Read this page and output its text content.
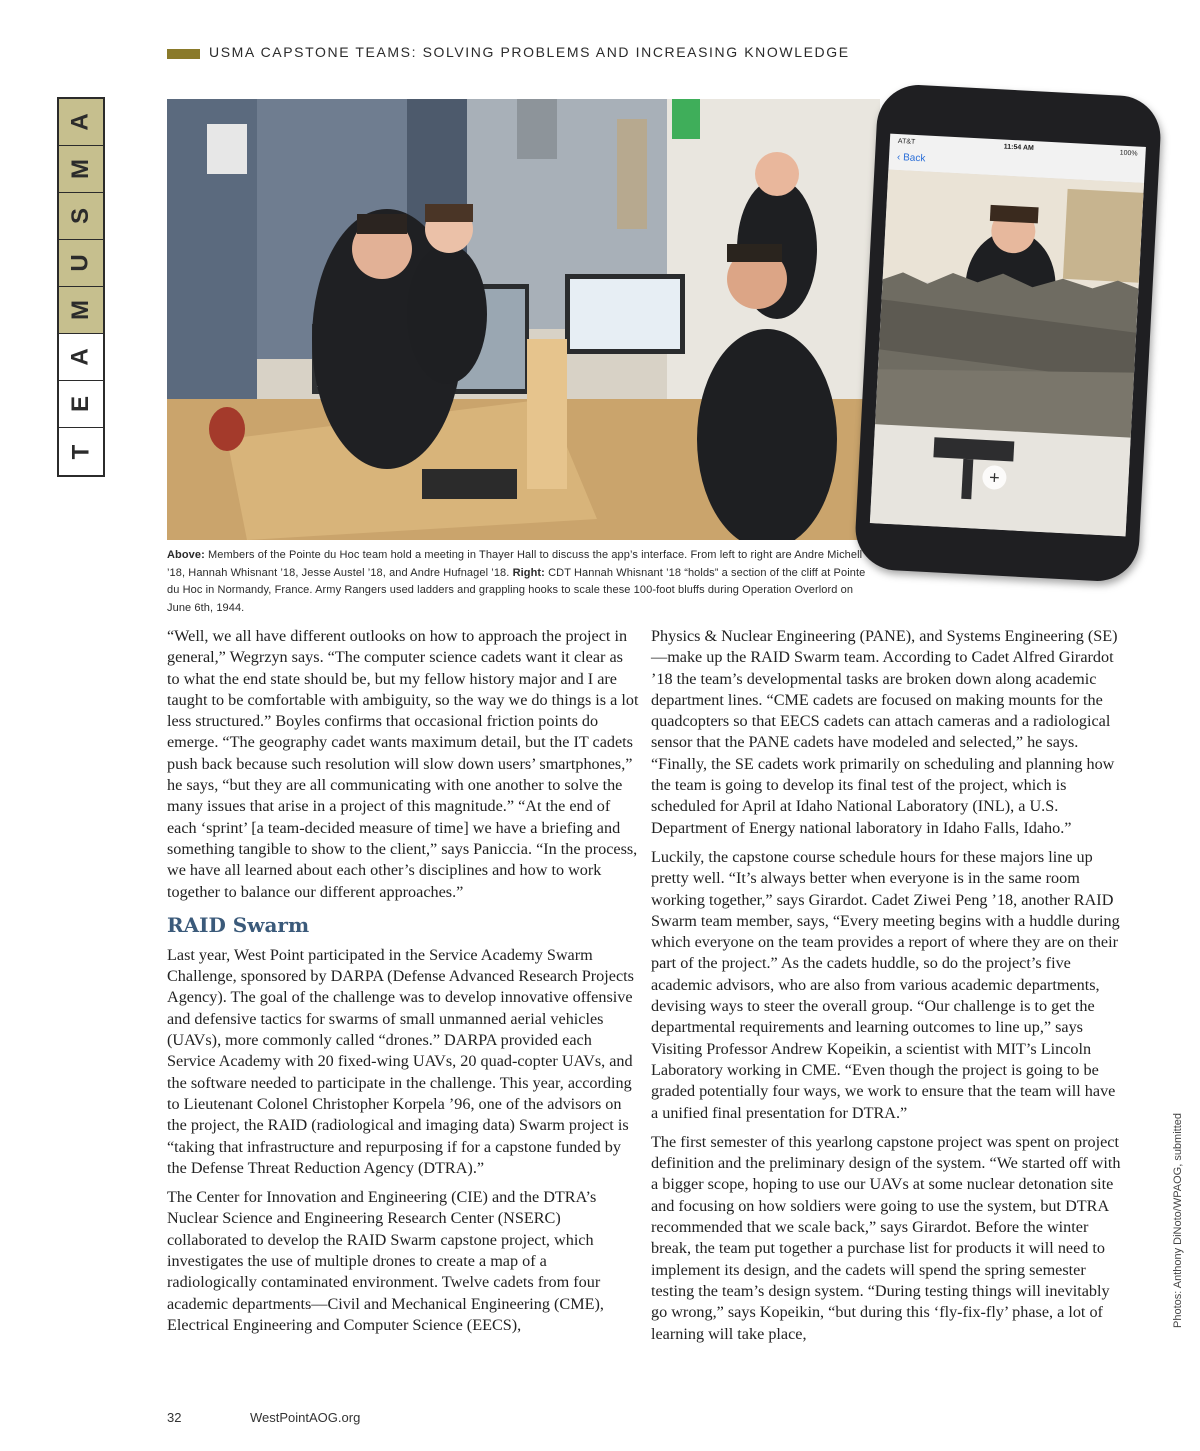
USMA CAPSTONE TEAMS: SOLVING PROBLEMS AND INCREASING KNOWLEDGE
A
M
S
U
M
A
E
T
AT&T
11:54 AM
100%
‹ Back
+
Above: Members of the Pointe du Hoc team hold a meeting in Thayer Hall to discuss the app’s interface. From left to right are Andre Michell ’18, Hannah Whisnant ’18, Jesse Austel ’18, and Andre Hufnagel ’18. Right: CDT Hannah Whisnant ’18 “holds” a section of the cliff at Pointe du Hoc in Normandy, France. Army Rangers used ladders and grappling hooks to scale these 100-foot bluffs during Operation Overlord on June 6th, 1944.

“Well, we all have different outlooks on how to approach the project in general,” Wegrzyn says. “The computer science cadets want it clear as to what the end state should be, but my fellow history major and I are taught to be comfortable with ambiguity, so the way we do things is a lot less structured.” Boyles confirms that occasional friction points do emerge. “The geography cadet wants maximum detail, but the IT cadets push back because such resolution will slow down users’ smartphones,” he says, “but they are all communicating with one another to solve the many issues that arise in a project of this magnitude.” “At the end of each ‘sprint’ [a team-decided measure of time] we have a briefing and something tangible to show to the client,” says Paniccia. “In the process, we have all learned about each other’s disciplines and how to work together to balance our different approaches.”

RAID Swarm

Last year, West Point participated in the Service Academy Swarm Challenge, sponsored by DARPA (Defense Advanced Research Projects Agency). The goal of the challenge was to develop innovative offensive and defensive tactics for swarms of small unmanned aerial vehicles (UAVs), more commonly called “drones.” DARPA provided each Service Academy with 20 fixed-wing UAVs, 20 quad-copter UAVs, and the software needed to participate in the challenge. This year, according to Lieutenant Colonel Christopher Korpela ’96, one of the advisors on the project, the RAID (radiological and imaging data) Swarm project is “taking that infrastructure and repurposing if for a capstone funded by the Defense Threat Reduction Agency (DTRA).”

The Center for Innovation and Engineering (CIE) and the DTRA’s Nuclear Science and Engineering Research Center (NSERC) collaborated to develop the RAID Swarm capstone project, which investigates the use of multiple drones to create a map of a radiologically contaminated environment. Twelve cadets from four academic departments—Civil and Mechanical Engineering (CME), Electrical Engineering and Computer Science (EECS),

Physics & Nuclear Engineering (PANE), and Systems Engineering (SE)—make up the RAID Swarm team. According to Cadet Alfred Girardot ’18 the team’s developmental tasks are broken down along academic department lines. “CME cadets are focused on making mounts for the quadcopters so that EECS cadets can attach cameras and a radiological sensor that the PANE cadets have modeled and selected,” he says. “Finally, the SE cadets work primarily on scheduling and planning how the team is going to develop its final test of the project, which is scheduled for April at Idaho National Laboratory (INL), a U.S. Department of Energy national laboratory in Idaho Falls, Idaho.”

Luckily, the capstone course schedule hours for these majors line up pretty well. “It’s always better when everyone is in the same room working together,” says Girardot. Cadet Ziwei Peng ’18, another RAID Swarm team member, says, “Every meeting begins with a huddle during which everyone on the team provides a report of where they are on their part of the project.” As the cadets huddle, so do the project’s five academic advisors, who are also from various academic departments, devising ways to steer the overall group. “Our challenge is to get the departmental requirements and learning outcomes to line up,” says Visiting Professor Andrew Kopeikin, a scientist with MIT’s Lincoln Laboratory working in CME. “Even though the project is going to be graded potentially four ways, we work to ensure that the team will have a unified final presentation for DTRA.”

The first semester of this yearlong capstone project was spent on project definition and the preliminary design of the system. “We started off with a bigger scope, hoping to use our UAVs at some nuclear detonation site and focusing on how soldiers were going to use the system, but DTRA recommended that we scale back,” says Girardot. Before the winter break, the team put together a purchase list for products it will need to implement its design, and the cadets will spend the spring semester testing the team’s design system. “During testing things will inevitably go wrong,” says Kopeikin, “but during this ‘fly-fix-fly’ phase, a lot of learning will take place,

Photos: Anthony DiNoto/WPAOG, submitted
32	WestPointAOG.org
